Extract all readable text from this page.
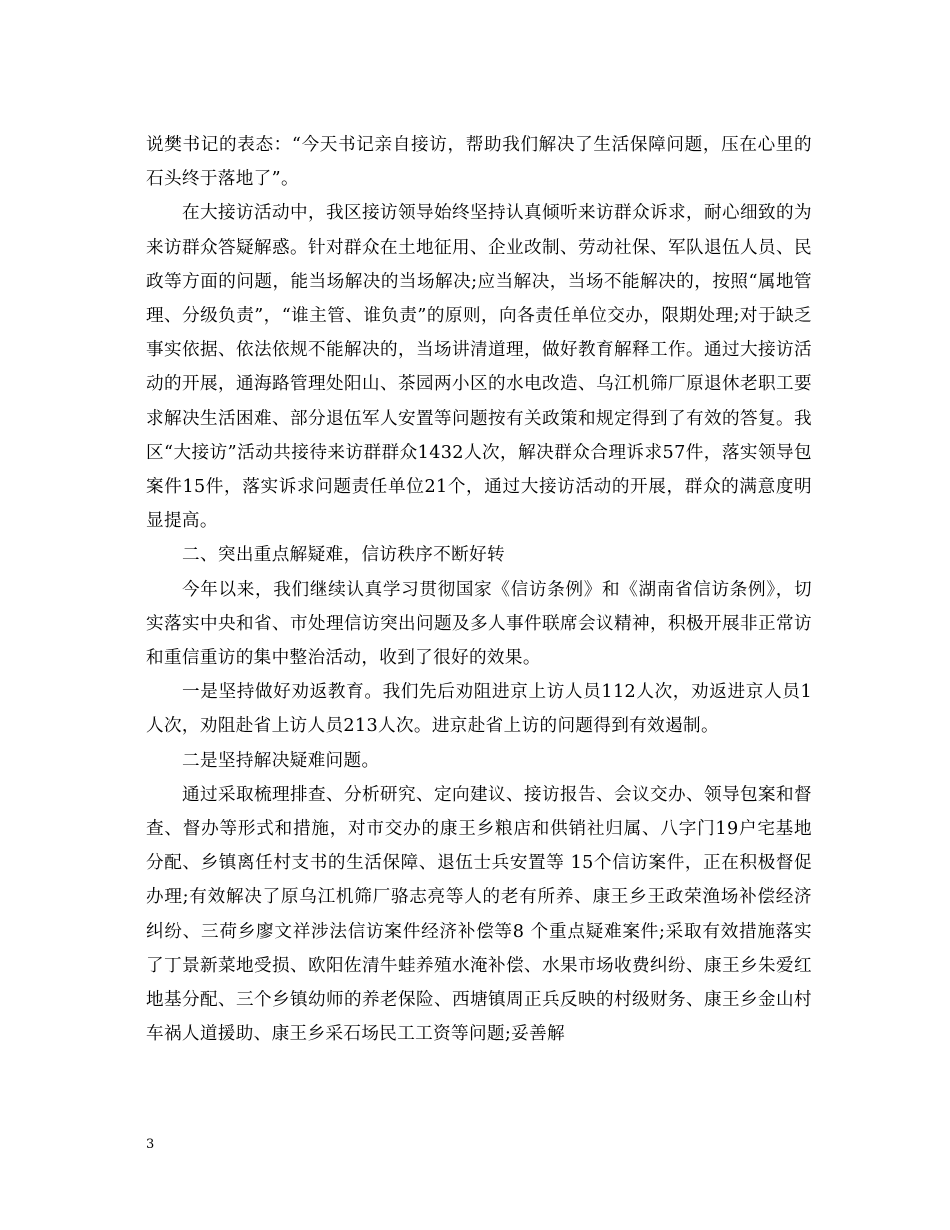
说樊书记的表态：“今天书记亲自接访，帮助我们解决了生活保障问题，压在心里的石头终于落地了”。

在大接访活动中，我区接访领导始终坚持认真倾听来访群众诉求，耐心细致的为来访群众答疑解惑。针对群众在土地征用、企业改制、劳动社保、军队退伍人员、民政等方面的问题，能当场解决的当场解决;应当解决，当场不能解决的，按照“属地管理、分级负责”，“谁主管、谁负责”的原则，向各责任单位交办，限期处理;对于缺乏事实依据、依法依规不能解决的，当场讲清道理，做好教育解释工作。通过大接访活动的开展，通海路管理处阳山、茶园两小区的水电改造、乌江机筛厂原退休老职工要求解决生活困难、部分退伍军人安置等问题按有关政策和规定得到了有效的答复。我区“大接访”活动共接待来访群群众1432人次，解决群众合理诉求57件，落实领导包案件15件，落实诉求问题责任单位21个，通过大接访活动的开展，群众的满意度明显提高。

二、突出重点解疑难，信访秩序不断好转

今年以来，我们继续认真学习贯彻国家《信访条例》和《湖南省信访条例》，切实落实中央和省、市处理信访突出问题及多人事件联席会议精神，积极开展非正常访和重信重访的集中整治活动，收到了很好的效果。

一是坚持做好劝返教育。我们先后劝阻进京上访人员112人次，劝返进京人员1人次，劝阻赴省上访人员213人次。进京赴省上访的问题得到有效遏制。

二是坚持解决疑难问题。

通过采取梳理排查、分析研究、定向建议、接访报告、会议交办、领导包案和督查、督办等形式和措施，对市交办的康王乡粮店和供销社归属、八字门19户宅基地分配、乡镇离任村支书的生活保障、退伍士兵安置等 15个信访案件，正在积极督促办理;有效解决了原乌江机筛厂骆志亮等人的老有所养、康王乡王政荣渔场补偿经济纠纷、三荷乡廖文祥涉法信访案件经济补偿等8 个重点疑难案件;采取有效措施落实了丁景新菜地受损、欧阳佐清牛蛙养殖水淹补偿、水果市场收费纠纷、康王乡朱爱红地基分配、三个乡镇幼师的养老保险、西塘镇周正兵反映的村级财务、康王乡金山村车祸人道援助、康王乡采石场民工工资等问题;妥善解

3
